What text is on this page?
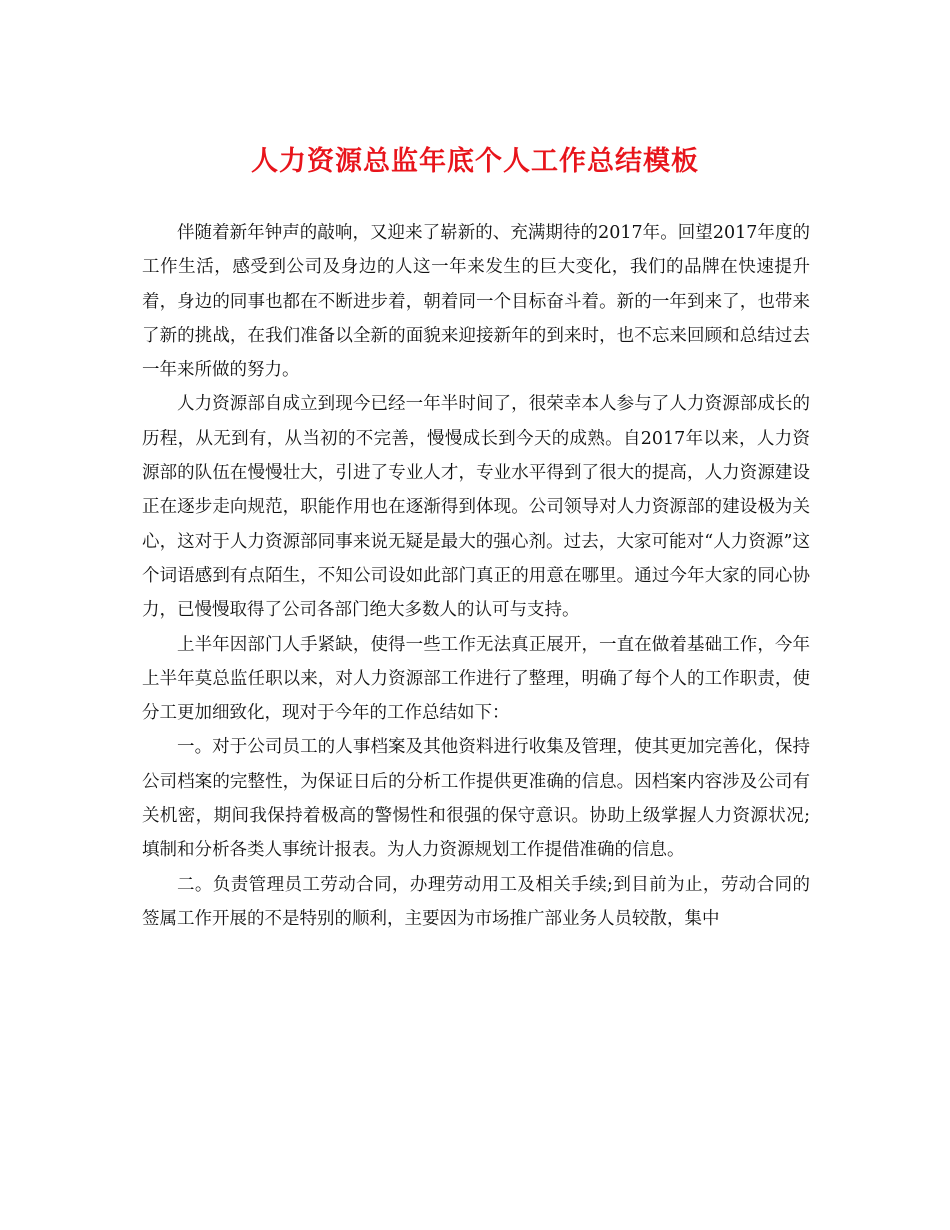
人力资源总监年底个人工作总结模板

伴随着新年钟声的敲响，又迎来了崭新的、充满期待的2017年。回望2017年度的工作生活，感受到公司及身边的人这一年来发生的巨大变化，我们的品牌在快速提升着，身边的同事也都在不断进步着，朝着同一个目标奋斗着。新的一年到来了，也带来了新的挑战，在我们准备以全新的面貌来迎接新年的到来时，也不忘来回顾和总结过去一年来所做的努力。

人力资源部自成立到现今已经一年半时间了，很荣幸本人参与了人力资源部成长的历程，从无到有，从当初的不完善，慢慢成长到今天的成熟。自2017年以来，人力资源部的队伍在慢慢壮大，引进了专业人才，专业水平得到了很大的提高，人力资源建设正在逐步走向规范，职能作用也在逐渐得到体现。公司领导对人力资源部的建设极为关心，这对于人力资源部同事来说无疑是最大的强心剂。过去，大家可能对“人力资源”这个词语感到有点陌生，不知公司设如此部门真正的用意在哪里。通过今年大家的同心协力，已慢慢取得了公司各部门绝大多数人的认可与支持。

上半年因部门人手紧缺，使得一些工作无法真正展开，一直在做着基础工作，今年上半年莫总监任职以来，对人力资源部工作进行了整理，明确了每个人的工作职责，使分工更加细致化，现对于今年的工作总结如下：

一。对于公司员工的人事档案及其他资料进行收集及管理，使其更加完善化，保持公司档案的完整性，为保证日后的分析工作提供更准确的信息。因档案内容涉及公司有关机密，期间我保持着极高的警惕性和很强的保守意识。协助上级掌握人力资源状况;填制和分析各类人事统计报表。为人力资源规划工作提借准确的信息。

二。负责管理员工劳动合同，办理劳动用工及相关手续;到目前为止，劳动合同的签属工作开展的不是特别的顺利，主要因为市场推广部业务人员较散，集中
